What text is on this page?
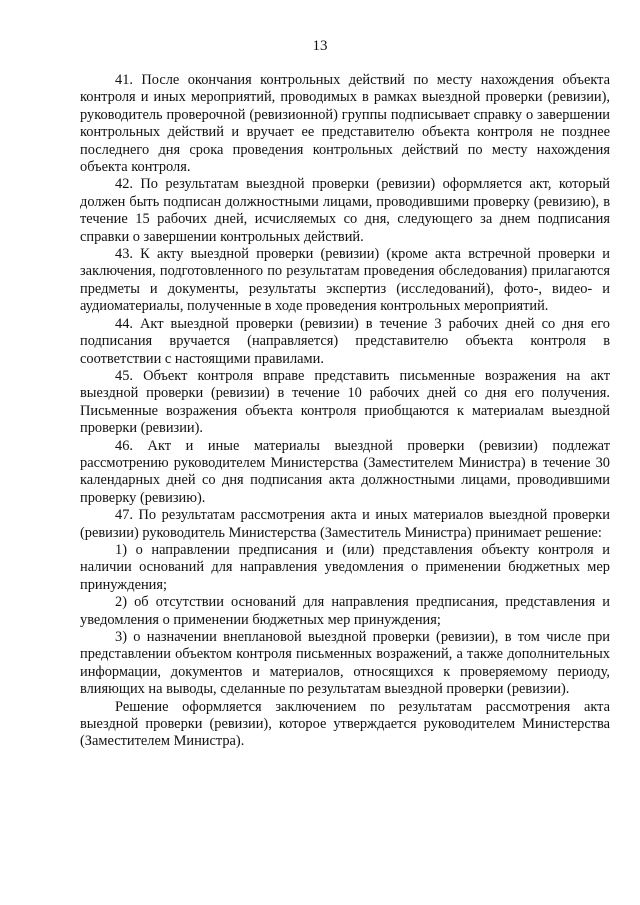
13

41. После окончания контрольных действий по месту нахождения объекта контроля и иных мероприятий, проводимых в рамках выездной проверки (ревизии), руководитель проверочной (ревизионной) группы подписывает справку о завершении контрольных действий и вручает ее представителю объекта контроля не позднее последнего дня срока проведения контрольных действий по месту нахождения объекта контроля.

42. По результатам выездной проверки (ревизии) оформляется акт, который должен быть подписан должностными лицами, проводившими проверку (ревизию), в течение 15 рабочих дней, исчисляемых со дня, следующего за днем подписания справки о завершении контрольных действий.

43. К акту выездной проверки (ревизии) (кроме акта встречной проверки и заключения, подготовленного по результатам проведения обследования) прилагаются предметы и документы, результаты экспертиз (исследований), фото-, видео- и аудиоматериалы, полученные в ходе проведения контрольных мероприятий.

44. Акт выездной проверки (ревизии) в течение 3 рабочих дней со дня его подписания вручается (направляется) представителю объекта контроля в соответствии с настоящими правилами.

45. Объект контроля вправе представить письменные возражения на акт выездной проверки (ревизии) в течение 10 рабочих дней со дня его получения. Письменные возражения объекта контроля приобщаются к материалам выездной проверки (ревизии).

46. Акт и иные материалы выездной проверки (ревизии) подлежат рассмотрению руководителем Министерства (Заместителем Министра) в течение 30 календарных дней со дня подписания акта должностными лицами, проводившими проверку (ревизию).

47. По результатам рассмотрения акта и иных материалов выездной проверки (ревизии) руководитель Министерства (Заместитель Министра) принимает решение:

1) о направлении предписания и (или) представления объекту контроля и наличии оснований для направления уведомления о применении бюджетных мер принуждения;

2) об отсутствии оснований для направления предписания, представления и уведомления о применении бюджетных мер принуждения;

3) о назначении внеплановой выездной проверки (ревизии), в том числе при представлении объектом контроля письменных возражений, а также дополнительных информации, документов и материалов, относящихся к проверяемому периоду, влияющих на выводы, сделанные по результатам выездной проверки (ревизии).

Решение оформляется заключением по результатам рассмотрения акта выездной проверки (ревизии), которое утверждается руководителем Министерства (Заместителем Министра).
